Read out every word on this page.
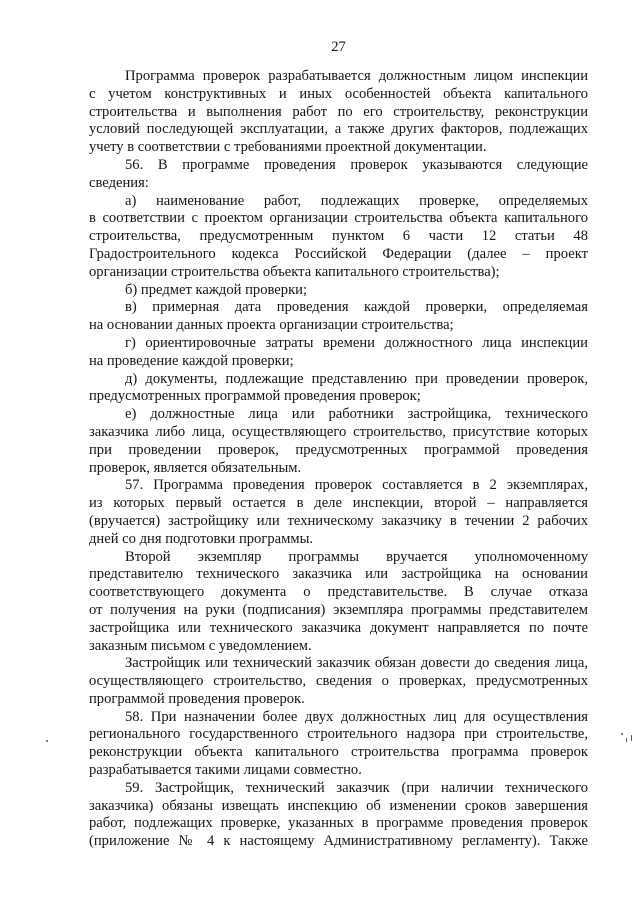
27
Программа проверок разрабатывается должностным лицом инспекции
с учетом конструктивных и иных особенностей объекта капитального
строительства и выполнения работ по его строительству, реконструкции
условий последующей эксплуатации, а также других факторов, подлежащих
учету в соответствии с требованиями проектной документации.
56. В программе проведения проверок указываются следующие
сведения:
а) наименование работ, подлежащих проверке, определяемых
в соответствии с проектом организации строительства объекта капитального
строительства, предусмотренным пунктом 6 части 12 статьи 48
Градостроительного кодекса Российской Федерации (далее – проект
организации строительства объекта капитального строительства);
б) предмет каждой проверки;
в) примерная дата проведения каждой проверки, определяемая
на основании данных проекта организации строительства;
г) ориентировочные затраты времени должностного лица инспекции
на проведение каждой проверки;
д) документы, подлежащие представлению при проведении проверок,
предусмотренных программой проведения проверок;
е) должностные лица или работники застройщика, технического
заказчика либо лица, осуществляющего строительство, присутствие которых
при проведении проверок, предусмотренных программой проведения
проверок, является обязательным.
57. Программа проведения проверок составляется в 2 экземплярах,
из которых первый остается в деле инспекции, второй – направляется
(вручается) застройщику или техническому заказчику в течении 2 рабочих
дней со дня подготовки программы.
Второй экземпляр программы вручается уполномоченному
представителю технического заказчика или застройщика на основании
соответствующего документа о представительстве. В случае отказа
от получения на руки (подписания) экземпляра программы представителем
застройщика или технического заказчика документ направляется по почте
заказным письмом с уведомлением.
Застройщик или технический заказчик обязан довести до сведения лица,
осуществляющего строительство, сведения о проверках, предусмотренных
программой проведения проверок.
58. При назначении более двух должностных лиц для осуществления
регионального государственного строительного надзора при строительстве,
реконструкции объекта капитального строительства программа проверок
разрабатывается такими лицами совместно.
59. Застройщик, технический заказчик (при наличии технического
заказчика) обязаны извещать инспекцию об изменении сроков завершения
работ, подлежащих проверке, указанных в программе проведения проверок
(приложение № 4 к настоящему Административному регламенту). Также
